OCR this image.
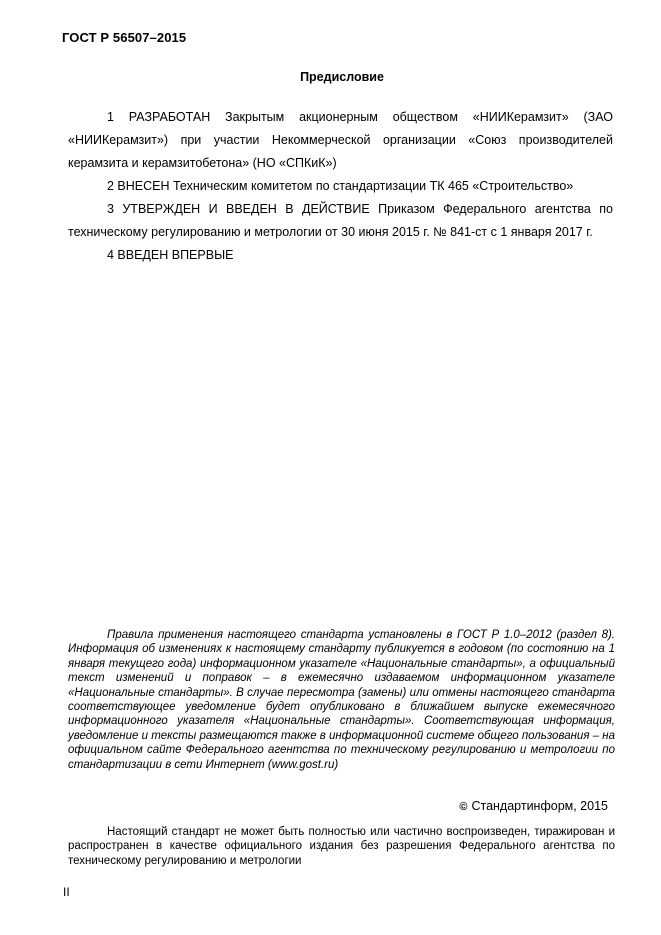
ГОСТ Р 56507–2015
Предисловие

1 РАЗРАБОТАН Закрытым акционерным обществом «НИИКерамзит» (ЗАО «НИИКерамзит») при участии Некоммерческой организации «Союз производителей керамзита и керамзитобетона» (НО «СПКиК»)

2 ВНЕСЕН Техническим комитетом по стандартизации ТК 465 «Строительство»

3 УТВЕРЖДЕН И ВВЕДЕН В ДЕЙСТВИЕ Приказом Федерального агентства по техническому регулированию и метрологии от 30 июня 2015 г. № 841-ст с 1 января 2017 г.

4 ВВЕДЕН ВПЕРВЫЕ

Правила применения настоящего стандарта установлены в ГОСТ Р 1.0–2012 (раздел 8). Информация об изменениях к настоящему стандарту публикуется в годовом (по состоянию на 1 января текущего года) информационном указателе «Национальные стандарты», а официальный текст изменений и поправок – в ежемесячно издаваемом информационном указателе «Национальные стандарты». В случае пересмотра (замены) или отмены настоящего стандарта соответствующее уведомление будет опубликовано в ближайшем выпуске ежемесячного информационного указателя «Национальные стандарты». Соответствующая информация, уведомление и тексты размещаются также в информационной системе общего пользования – на официальном сайте Федерального агентства по техническому регулированию и метрологии по стандартизации в сети Интернет (www.gost.ru)
© Стандартинформ, 2015
Настоящий стандарт не может быть полностью или частично воспроизведен, тиражирован и распространен в качестве официального издания без разрешения Федерального агентства по техническому регулированию и метрологии
II
